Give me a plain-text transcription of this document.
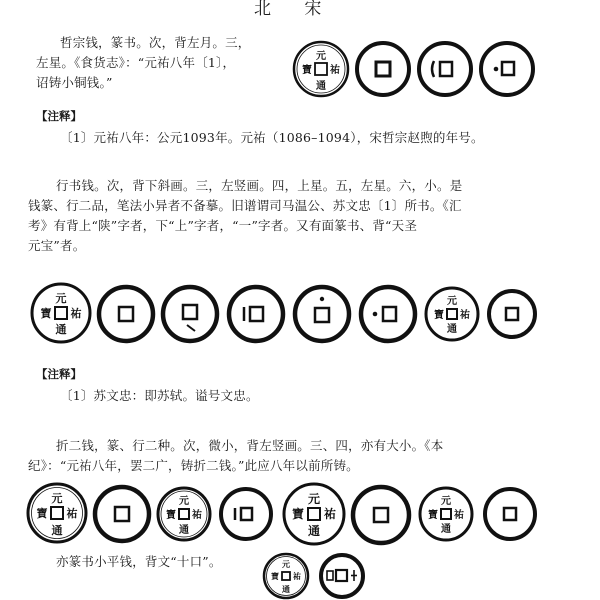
北 宋
哲宗钱，篆书。次，背左月。三，
左星。《食货志》：“元祐八年〔1〕，
诏铸小铜钱。”
元
祐
通
寶
【注释】
〔1〕元祐八年：公元1093年。元祐（1086–1094），宋哲宗赵煦的年号。
行书钱。次，背下斜画。三，左竖画。四，上星。五，左星。六，小。是
钱篆、行二品，笔法小异者不备摹。旧谱谓司马温公、苏文忠〔1〕所书。《汇
考》有背上“陕”字者，下“上”字者，“一”字者。又有面篆书、背“天圣
元宝”者。
元
祐
通
寶
元
祐
通
寶
【注释】
〔1〕苏文忠：即苏轼。谥号文忠。
折二钱，篆、行二种。次，微小，背左竖画。三、四，亦有大小。《本
纪》：“元祐八年，罢二广，铸折二钱。”此应八年以前所铸。
元
祐
通
寶
元
祐
通
寶
元
祐
通
寶
元
祐
通
寶
亦篆书小平钱，背文“十口”。	元
祐
通
寶
